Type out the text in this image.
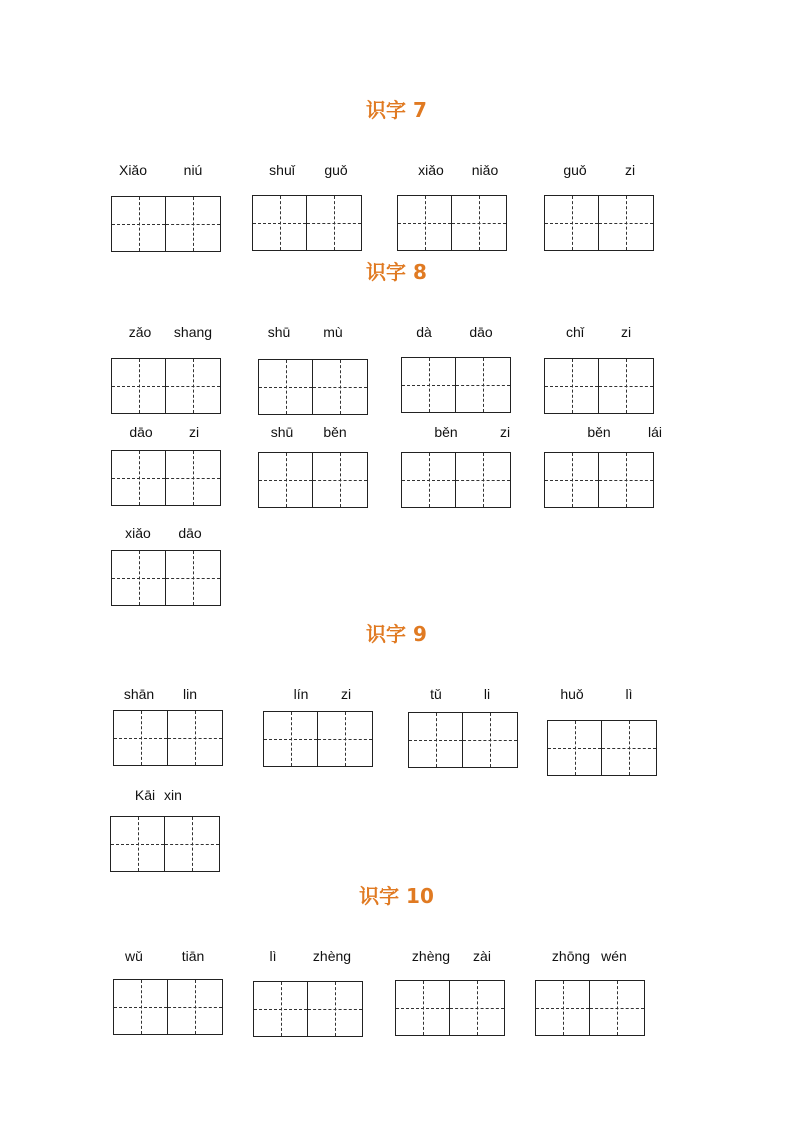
识字 7
识字 8
识字 9
识字 10
Xiǎo	niú	shuǐ guǒ	xiǎo niǎo	guǒ	zi
zǎo shang	shū mù	dà	dāo	chǐ	zi
dāo	zi	shū běn	běn	zi	běn	lái
xiǎo dāo
shān lin	lín zi	tǔ	li	huǒ	lì
Kāi xin
wǔ	tiān	lì	zhèng	zhèng zài	zhōng wén
